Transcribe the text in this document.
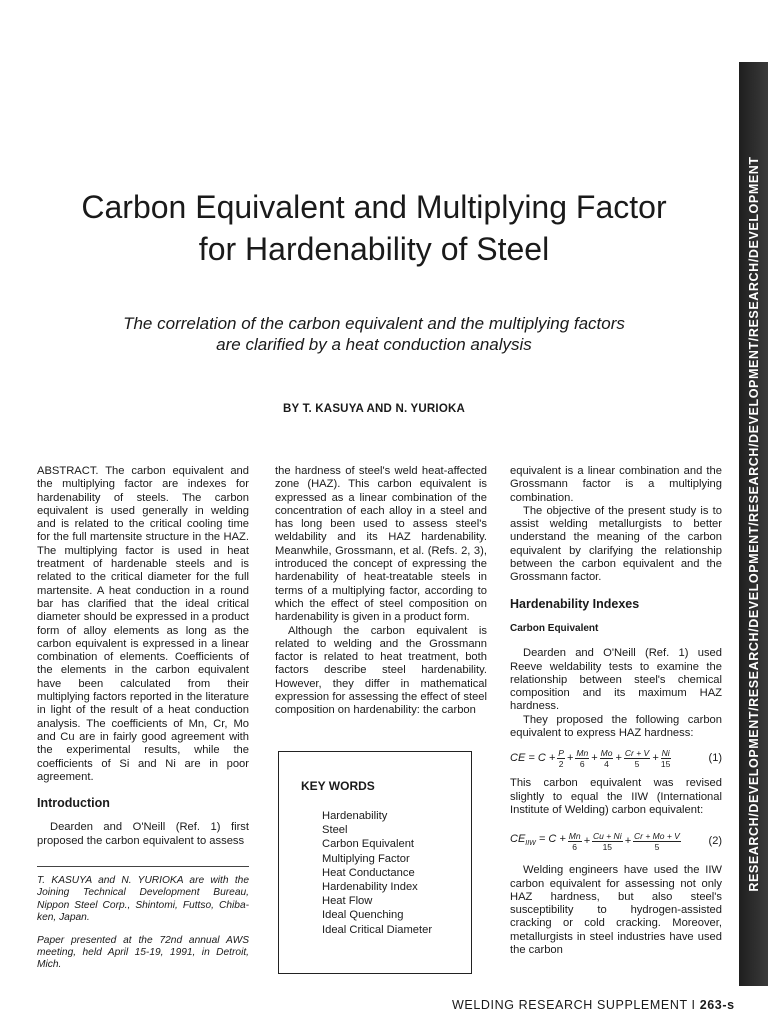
Carbon Equivalent and Multiplying Factor
for Hardenability of Steel

The correlation of the carbon equivalent and the multiplying factors
are clarified by a heat conduction analysis

BY T. KASUYA AND N. YURIOKA

ABSTRACT. The carbon equivalent and the multiplying factor are indexes for hardenability of steels. The carbon equivalent is used generally in welding and is related to the critical cooling time for the full martensite structure in the HAZ. The multiplying factor is used in heat treatment of hardenable steels and is related to the critical diameter for the full martensite. A heat conduction in a round bar has clarified that the ideal critical diameter should be expressed in a product form of alloy elements as long as the carbon equivalent is expressed in a linear combination of elements. Coefficients of the elements in the carbon equivalent have been calculated from their multiplying factors reported in the literature in light of the result of a heat conduction analysis. The coefficients of Mn, Cr, Mo and Cu are in fairly good agreement with the experimental results, while the coefficients of Si and Ni are in poor agreement.

Introduction

Dearden and O'Neill (Ref. 1) first proposed the carbon equivalent to assess

T. KASUYA and N. YURIOKA are with the Joining Technical Development Bureau, Nippon Steel Corp., Shintomi, Futtso, Chiba-ken, Japan.

Paper presented at the 72nd annual AWS meeting, held April 15-19, 1991, in Detroit, Mich.

the hardness of steel's weld heat-affected zone (HAZ). This carbon equivalent is expressed as a linear combination of the concentration of each alloy in a steel and has long been used to assess steel's weldability and its HAZ hardenability. Meanwhile, Grossmann, et al. (Refs. 2, 3), introduced the concept of expressing the hardenability of heat-treatable steels in terms of a multiplying factor, according to which the effect of steel composition on hardenability is given in a product form.

Although the carbon equivalent is related to welding and the Grossmann factor is related to heat treatment, both factors describe steel hardenability. However, they differ in mathematical expression for assessing the effect of steel composition on hardenability: the carbon

KEY WORDS
Hardenability
Steel
Carbon Equivalent
Multiplying Factor
Heat Conductance
Hardenability Index
Heat Flow
Ideal Quenching
Ideal Critical Diameter

equivalent is a linear combination and the Grossmann factor is a multiplying combination.

The objective of the present study is to assist welding metallurgists to better understand the meaning of the carbon equivalent by clarifying the relationship between the carbon equivalent and the Grossmann factor.

Hardenability Indexes
Carbon Equivalent

Dearden and O'Neill (Ref. 1) used Reeve weldability tests to examine the relationship between steel's chemical composition and its maximum HAZ hardness.

They proposed the following carbon equivalent to express HAZ hardness:

CE = $C + \frac{P}{2} + \frac{Mn}{6} + \frac{Mo}{4} + \frac{Cr + V}{5} + \frac{Ni}{15}$	(1)

This carbon equivalent was revised slightly to equal the IIW (International Institute of Welding) carbon equivalent:

$CE_{IIW} = C + \frac{Mn}{6} + \frac{Cu + Ni}{15} + \frac{Cr + Mo + V}{5}$	(2)

Welding engineers have used the IIW carbon equivalent for assessing not only HAZ hardness, but also steel's susceptibility to hydrogen-assisted cracking or cold cracking. Moreover, metallurgists in steel industries have used the carbon

RESEARCH/DEVELOPMENT/RESEARCH/DEVELOPMENT/RESEARCH/DEVELOPMENT/RESEARCH/DEVELOPMENT
WELDING RESEARCH SUPPLEMENT I 263-s
